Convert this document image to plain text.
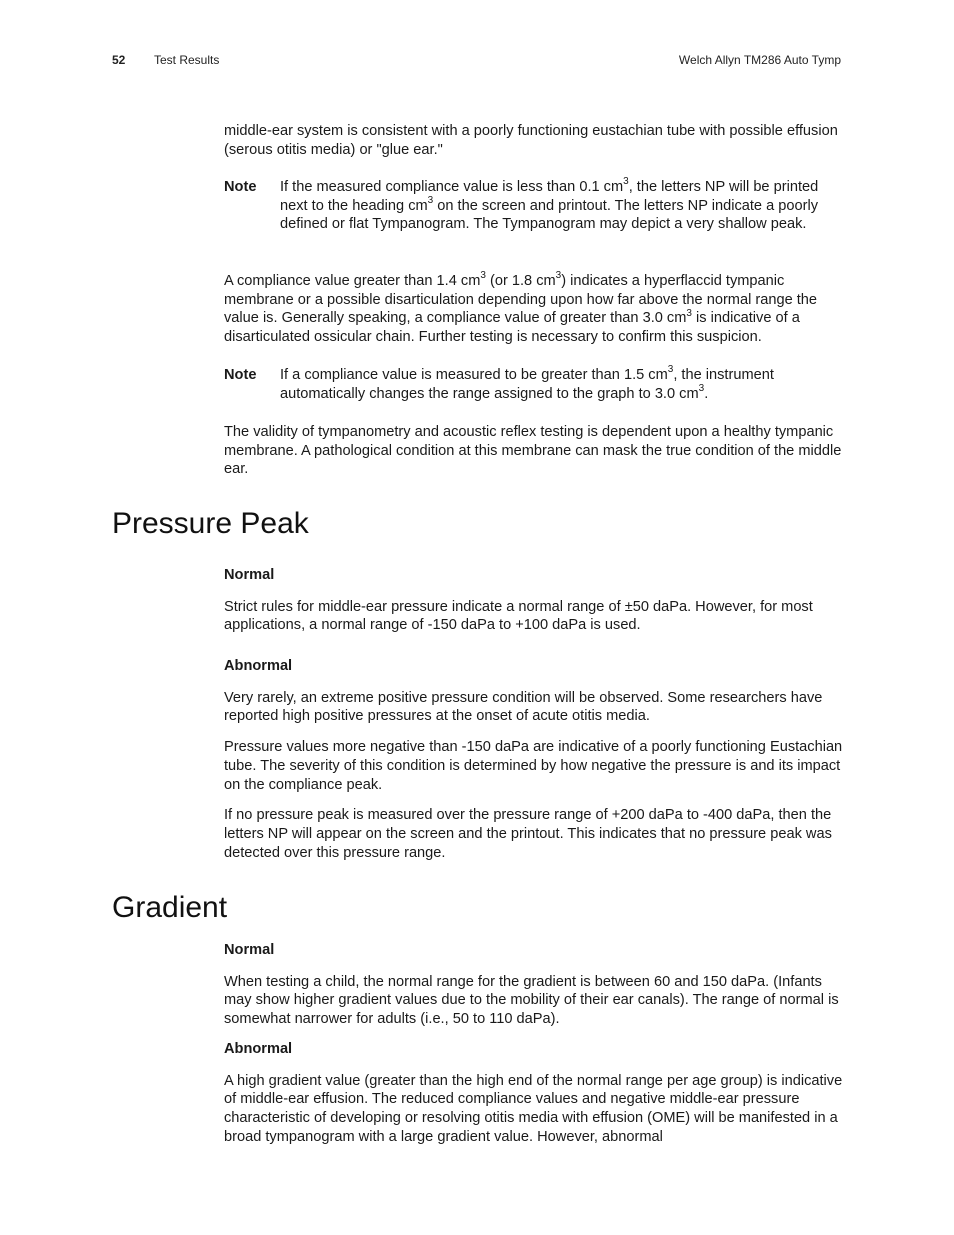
52 Test Results	Welch Allyn TM286 Auto Tymp

middle-ear system is consistent with a poorly functioning eustachian tube with possible effusion (serous otitis media) or "glue ear."

Note	If the measured compliance value is less than 0.1 $cm^3$, the letters NP will be printed next to the heading $cm^3$ on the screen and printout. The letters NP indicate a poorly defined or flat Tympanogram. The Tympanogram may depict a very shallow peak.

A compliance value greater than 1.4 $cm^3$ (or 1.8 $cm^3$) indicates a hyperflaccid tympanic membrane or a possible disarticulation depending upon how far above the normal range the value is. Generally speaking, a compliance value of greater than 3.0 $cm^3$ is indicative of a disarticulated ossicular chain. Further testing is necessary to confirm this suspicion.

Note	If a compliance value is measured to be greater than 1.5 $cm^3$, the instrument automatically changes the range assigned to the graph to 3.0 $cm^3$.

The validity of tympanometry and acoustic reflex testing is dependent upon a healthy tympanic membrane. A pathological condition at this membrane can mask the true condition of the middle ear.

Pressure Peak
Normal

Strict rules for middle-ear pressure indicate a normal range of ±50 daPa. However, for most applications, a normal range of -150 daPa to +100 daPa is used.

Abnormal

Very rarely, an extreme positive pressure condition will be observed. Some researchers have reported high positive pressures at the onset of acute otitis media.

Pressure values more negative than -150 daPa are indicative of a poorly functioning Eustachian tube. The severity of this condition is determined by how negative the pressure is and its impact on the compliance peak.

If no pressure peak is measured over the pressure range of +200 daPa to -400 daPa, then the letters NP will appear on the screen and the printout. This indicates that no pressure peak was detected over this pressure range.

Gradient
Normal

When testing a child, the normal range for the gradient is between 60 and 150 daPa. (Infants may show higher gradient values due to the mobility of their ear canals). The range of normal is somewhat narrower for adults (i.e., 50 to 110 daPa).

Abnormal

A high gradient value (greater than the high end of the normal range per age group) is indicative of middle-ear effusion. The reduced compliance values and negative middle-ear pressure characteristic of developing or resolving otitis media with effusion (OME) will be manifested in a broad tympanogram with a large gradient value. However, abnormal
